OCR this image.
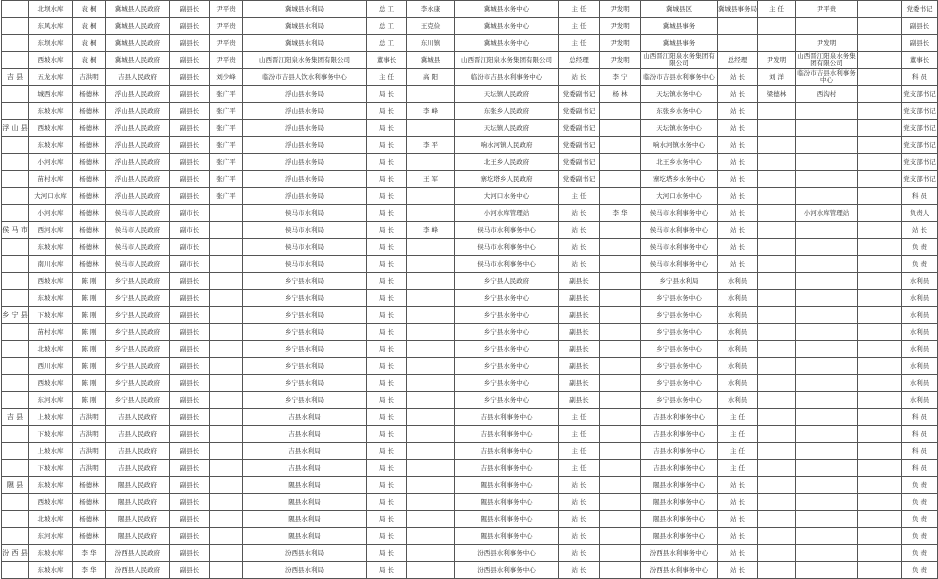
	北坝水库	袁 桐	冀城县人民政府	副县长	尹平贵	冀城县水利局	总 工	李永康	冀城县水务中心	主 任	尹发明	冀城县区	冀城县事务局	主 任	尹平贵		党委书记
	东风水库	袁 桐	冀城县人民政府	副县长	尹平贵	冀城县水利局	总 工	王克俭	冀城县水务中心	主 任	尹发明	冀城县事务					副县长
	东坝水库	袁 桐	冀城县人民政府	副县长	尹平贵	冀城县水利局	总 工	东川镇	冀城县水务中心	主 任	尹发明	冀城县事务			尹发明		副县长
	西坡水库	袁 桐	冀城县人民政府	副县长	尹平贵	山西晋江阳泉水务集团有限公司	董事长	冀城县	山西晋江阳泉水务集团有限公司	总经理	尹发明	山西晋江阳泉水务集团有限公司	总经理	尹发明	山西晋江阳泉水务集团有限公司		董事长
吉 县	五龙水库	吉洪明	吉县人民政府	副县长	刘少峰	临汾市吉县人饮水利事务中心	主 任	高 阳	临汾市吉县水利事务中心	站 长	李 宁	临汾市吉县水利事务中心	站 长	刘 洋	临汾市吉县水利事务中心		科 员
	城西水库	杨德林	浮山县人民政府	副县长	张广平	浮山县水务局	局 长		天坛镇人民政府	党委副书记	杨 林	天坛镇水务中心	站 长	梁德林	西沟村		党支部书记
	东坡水库	杨德林	浮山县人民政府	副县长	张广平	浮山县水务局	局 长	李 峰	东张乡人民政府	党委副书记		东张乡水务中心	站 长				党支部书记
浮 山 县	西坡水库	杨德林	浮山县人民政府	副县长	张广平	浮山县水务局	局 长		天坛镇人民政府	党委副书记		天坛镇水务中心	站 长				党支部书记
	东坡水库	杨德林	浮山县人民政府	副县长	张广平	浮山县水务局	局 长	李 平	响水河镇人民政府	党委副书记		响水河镇水务中心	站 长				党支部书记
	小河水库	杨德林	浮山县人民政府	副县长	张广平	浮山县水务局	局 长		北王乡人民政府	党委副书记		北王乡水务中心	站 长				党支部书记
	苗村水库	杨德林	浮山县人民政府	副县长	张广平	浮山县水务局	局 长	王 军	寨圪塔乡人民政府	党委副书记		寨圪塔乡水务中心	站 长				党支部书记
	大河口水库	杨德林	浮山县人民政府	副县长	张广平	浮山县水务局	局 长		大河口水务中心	主 任		大河口水务中心	站 长				科 员
	小河水库	杨德林	侯马市人民政府	副市长		侯马市水利局	局 长		小河水库管理站	站 长	李 华	侯马市水利事务中心	站 长		小河水库管理站		负责人
侯 马 市	西河水库	杨德林	侯马市人民政府	副市长		侯马市水利局	局 长	李 峰	侯马市水利事务中心	站 长		侯马市水利事务中心	站 长				站 长
	东坡水库	杨德林	侯马市人民政府	副市长		侯马市水利局	局 长		侯马市水利事务中心	站 长		侯马市水利事务中心	站 长				负 责
	南川水库	杨德林	侯马市人民政府	副市长		侯马市水利局	局 长		侯马市水利事务中心	站 长		侯马市水利事务中心	站 长				负 责
	西坡水库	陈 刚	乡宁县人民政府	副县长		乡宁县水利局	局 长		乡宁县人民政府	副县长		乡宁县水利局	水利员				水利员
	东坡水库	陈 刚	乡宁县人民政府	副县长		乡宁县水利局	局 长		乡宁县水务中心	副县长		乡宁县水务中心	水利员				水利员
乡 宁 县	下坡水库	陈 刚	乡宁县人民政府	副县长		乡宁县水利局	局 长		乡宁县水务中心	副县长		乡宁县水务中心	水利员				水利员
	苗村水库	陈 刚	乡宁县人民政府	副县长		乡宁县水利局	局 长		乡宁县水务中心	副县长		乡宁县水务中心	水利员				水利员
	北坡水库	陈 刚	乡宁县人民政府	副县长		乡宁县水利局	局 长		乡宁县水务中心	副县长		乡宁县水务中心	水利员				水利员
	西川水库	陈 刚	乡宁县人民政府	副县长		乡宁县水利局	局 长		乡宁县水务中心	副县长		乡宁县水务中心	水利员				水利员
	西坡水库	陈 刚	乡宁县人民政府	副县长		乡宁县水利局	局 长		乡宁县水务中心	副县长		乡宁县水务中心	水利员				水利员
	东河水库	陈 刚	乡宁县人民政府	副县长		乡宁县水利局	局 长		乡宁县水务中心	副县长		乡宁县水务中心	水利员				水利员
吉 县	上坡水库	吉洪明	吉县人民政府	副县长		吉县水利局	局 长		吉县水利事务中心	主 任		吉县水利事务中心	主 任				科 员
	下坡水库	吉洪明	吉县人民政府	副县长		吉县水利局	局 长		吉县水利事务中心	主 任		吉县水利事务中心	主 任				科 员
	上坡水库	吉洪明	吉县人民政府	副县长		吉县水利局	局 长		吉县水利事务中心	主 任		吉县水利事务中心	主 任				科 员
	下坡水库	吉洪明	吉县人民政府	副县长		吉县水利局	局 长		吉县水利事务中心	主 任		吉县水利事务中心	主 任				科 员
隰 县	东坡水库	杨德林	隰县人民政府	副县长		隰县水利局	局 长		隰县水利事务中心	站 长		隰县水利事务中心	站 长				负 责
	西坡水库	杨德林	隰县人民政府	副县长		隰县水利局	局 长		隰县水利事务中心	站 长		隰县水利事务中心	站 长				负 责
	北坡水库	杨德林	隰县人民政府	副县长		隰县水利局	局 长		隰县水利事务中心	站 长		隰县水利事务中心	站 长				负 责
	东河水库	杨德林	隰县人民政府	副县长		隰县水利局	局 长		隰县水利事务中心	站 长		隰县水利事务中心	站 长				负 责
汾 西 县	东坡水库	李 华	汾西县人民政府	副县长		汾西县水利局	局 长		汾西县水利事务中心	站 长		汾西县水利事务中心	站 长				负 责
	东坡水库	李 华	汾西县人民政府	副县长		汾西县水利局	局 长		汾西县水利事务中心	站 长		汾西县水利事务中心	站 长				负 责
